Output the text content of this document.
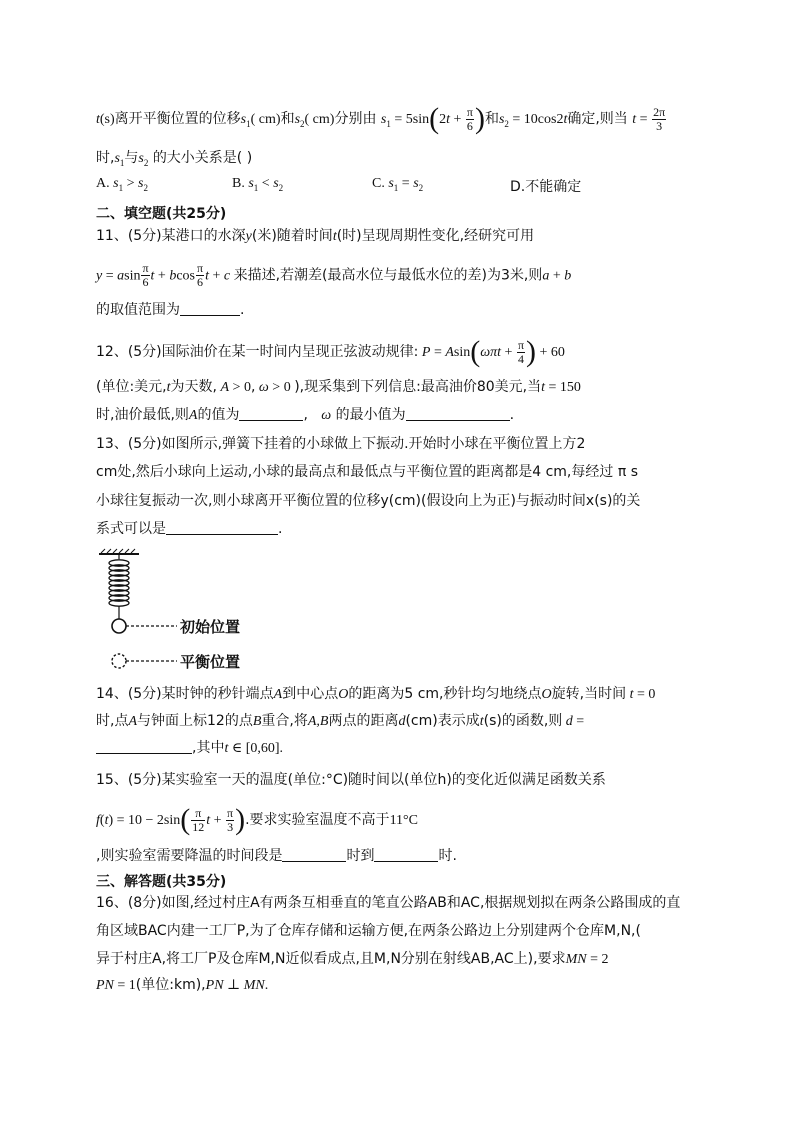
t(s)离开平衡位置的位移$s_1$( cm)和$s_2$( cm)分别由 $s_1 = 5\sin(2t + \frac{\pi}{6}$ )和$s_2 = 10\cos 2t$确定,则当 $t = \frac{2\pi}{3}$
时$,s_1$与$s_2$ 的大小关系是( )
A. $s_1 > s_2$	B. $s_1 < s_2$	C. $s_1 = s_2$	D.不能确定
二、填空题(共25分)
11、(5分)某港口的水深y(米)随着时间t(时)呈现周期性变化,经研究可用
y = asin $\frac{\pi}{6}$ t + bcos $\frac{\pi}{6}$ t + c 来描述,若潮差(最高水位与最低水位的差)为3米,则a + b
的取值范围为	.
12、(5分)国际油价在某一时间内呈现正弦波动规律: $P = Asin(\omega\pi t + \frac{\pi}{4}$ ) + 60
(单位:美元,t为天数, A > 0, ω > 0 ),现采集到下列信息:最高油价80美元,当t = 150
时,油价最低,则A的值为	,   ω 的最小值为	.
13、(5分)如图所示,弹簧下挂着的小球做上下振动.开始时小球在平衡位置上方2
cm处,然后小球向上运动,小球的最高点和最低点与平衡位置的距离都是4 cm,每经过 π s
小球往复振动一次,则小球离开平衡位置的位移y(cm)(假设向上为正)与振动时间x(s)的关
系式可以是	.
初始位置
平衡位置
14、(5分)某时钟的秒针端点A到中心点O的距离为5 cm,秒针均匀地绕点O旋转,当时间 t = 0
时,点A与钟面上标12的点B重合,将A,B两点的距离d(cm)表示成t(s)的函数,则 d =
,其中t ∈ [0,60].
15、(5分)某实验室一天的温度(单位:°C)随时间以(单位h)的变化近似满足函数关系
$f(t) = 10 - 2\sin( \frac{\pi}{12}$ $t + \frac{\pi}{3}$ ).要求实验室温度不高于11°C
,则实验室需要降温的时间段是	时到	时.
三、解答题(共35分)
16、(8分)如图,经过村庄A有两条互相垂直的笔直公路AB和AC,根据规划拟在两条公路围成的直
角区域BAC内建一工厂P,为了仓库存储和运输方便,在两条公路边上分别建两个仓库M,N,(
异于村庄A,将工厂P及仓库M,N近似看成点,且M,N分别在射线AB,AC上),要求MN = 2
PN = 1(单位:km),PN ⊥ MN.
